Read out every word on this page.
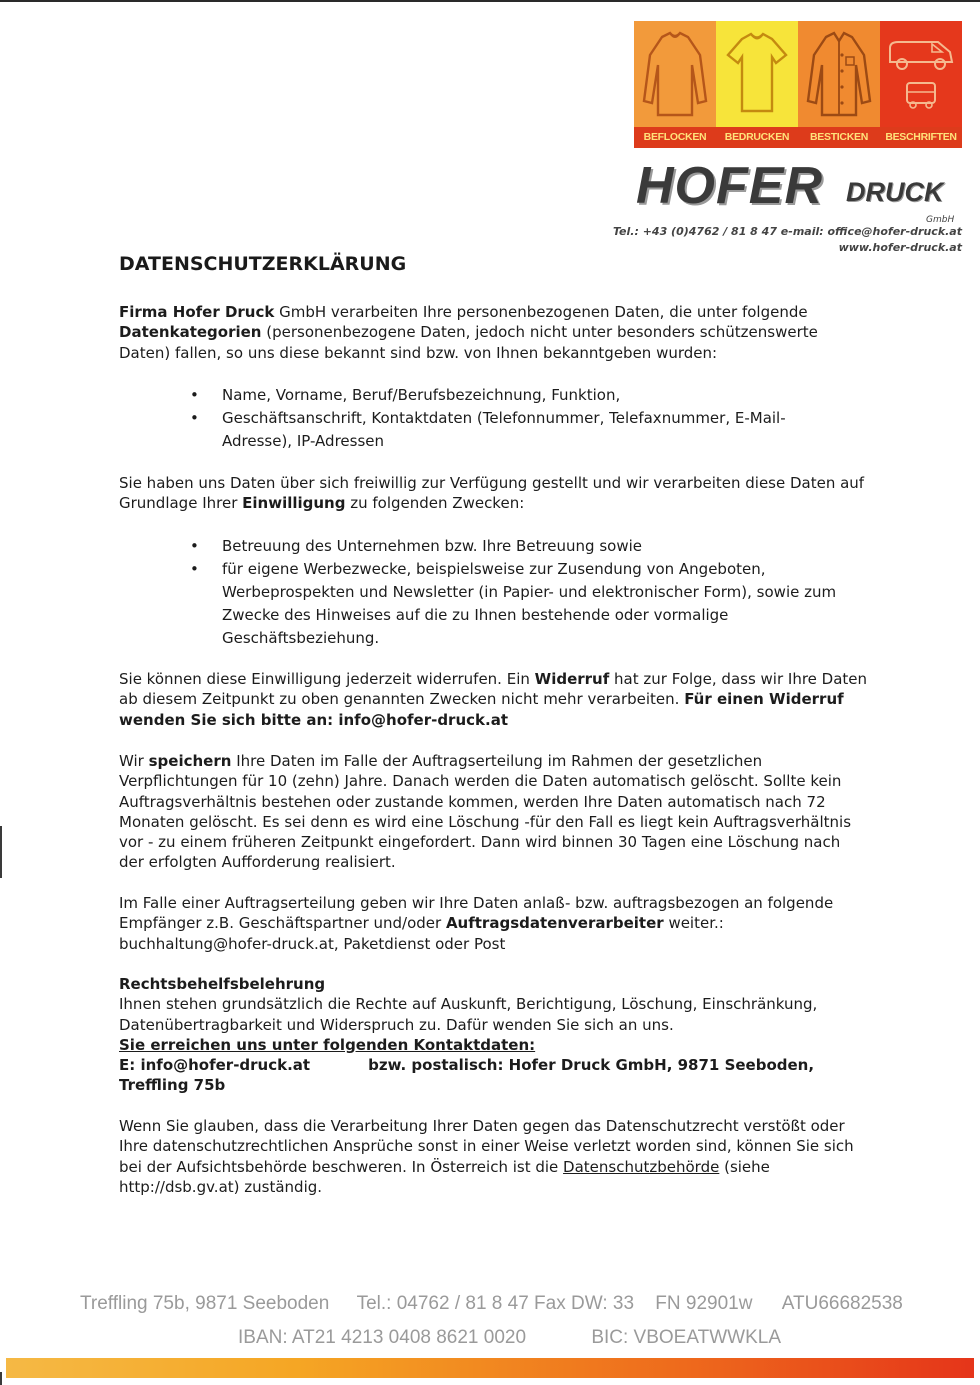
BEFLOCKEN	BEDRUCKEN	BESTICKEN	BESCHRIFTEN
HOFER DRUCK
GmbH
Tel.: +43 (0)4762 / 81 8 47 e-mail: office@hofer-druck.at
www.hofer-druck.at
DATENSCHUTZERKLÄRUNG
Firma Hofer Druck GmbH verarbeiten Ihre personenbezogenen Daten, die unter folgende Datenkategorien (personenbezogene Daten, jedoch nicht unter besonders schützenswerte Daten) fallen, so uns diese bekannt sind bzw. von Ihnen bekanntgeben wurden:
• Name, Vorname, Beruf/Berufsbezeichnung, Funktion,
• Geschäftsanschrift, Kontaktdaten (Telefonnummer, Telefaxnummer, E-Mail-Adresse), IP-Adressen
Sie haben uns Daten über sich freiwillig zur Verfügung gestellt und wir verarbeiten diese Daten auf Grundlage Ihrer Einwilligung zu folgenden Zwecken:
• Betreuung des Unternehmen bzw. Ihre Betreuung sowie
• für eigene Werbezwecke, beispielsweise zur Zusendung von Angeboten, Werbeprospekten und Newsletter (in Papier- und elektronischer Form), sowie zum Zwecke des Hinweises auf die zu Ihnen bestehende oder vormalige Geschäftsbeziehung.
Sie können diese Einwilligung jederzeit widerrufen. Ein Widerruf hat zur Folge, dass wir Ihre Daten ab diesem Zeitpunkt zu oben genannten Zwecken nicht mehr verarbeiten. Für einen Widerruf wenden Sie sich bitte an: info@hofer-druck.at
Wir speichern Ihre Daten im Falle der Auftragserteilung im Rahmen der gesetzlichen Verpflichtungen für 10 (zehn) Jahre. Danach werden die Daten automatisch gelöscht. Sollte kein Auftragsverhältnis bestehen oder zustande kommen, werden Ihre Daten automatisch nach 72 Monaten gelöscht. Es sei denn es wird eine Löschung -für den Fall es liegt kein Auftragsverhältnis vor - zu einem früheren Zeitpunkt eingefordert. Dann wird binnen 30 Tagen eine Löschung nach der erfolgten Aufforderung realisiert.
Im Falle einer Auftragserteilung geben wir Ihre Daten anlaß- bzw. auftragsbezogen an folgende Empfänger z.B. Geschäftspartner und/oder Auftragsdatenverarbeiter weiter.: buchhaltung@hofer-druck.at, Paketdienst oder Post
Rechtsbehelfsbelehrung
Ihnen stehen grundsätzlich die Rechte auf Auskunft, Berichtigung, Löschung, Einschränkung, Datenübertragbarkeit und Widerspruch zu. Dafür wenden Sie sich an uns.
Sie erreichen uns unter folgenden Kontaktdaten:
E: info@hofer-druck.at	bzw. postalisch: Hofer Druck GmbH, 9871 Seeboden, Treffling 75b
Wenn Sie glauben, dass die Verarbeitung Ihrer Daten gegen das Datenschutzrecht verstößt oder Ihre datenschutzrechtlichen Ansprüche sonst in einer Weise verletzt worden sind, können Sie sich bei der Aufsichtsbehörde beschweren. In Österreich ist die Datenschutzbehörde (siehe http://dsb.gv.at) zuständig.
Treffling 75b, 9871 Seeboden Tel.: 04762 / 81 8 47 Fax DW: 33 FN 92901w ATU66682538
IBAN: AT21 4213 0408 8621 0020	BIC: VBOEATWWKLA
